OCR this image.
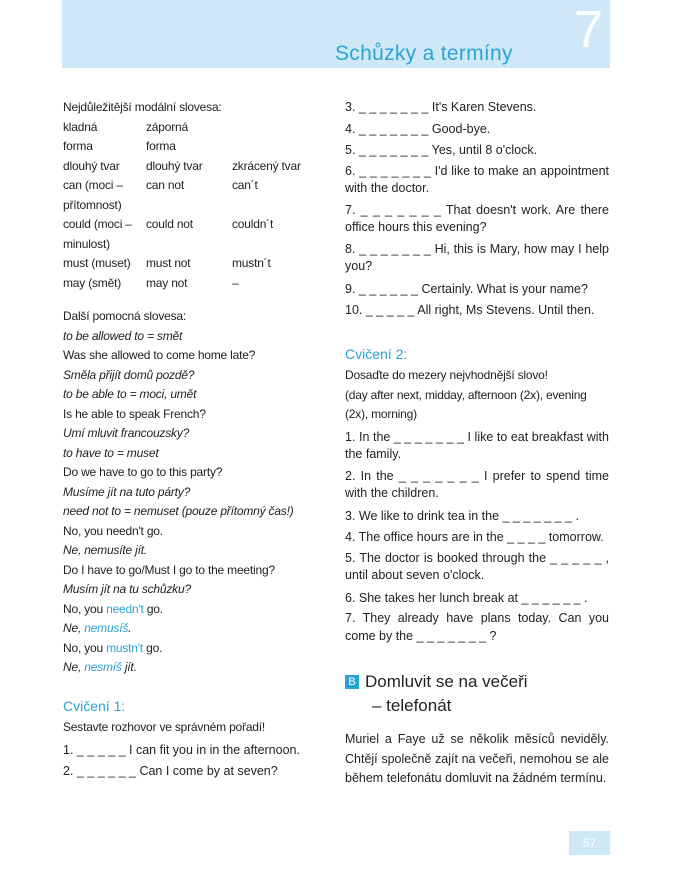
Schůzky a termíny 7
Nejdůležitější modální slovesa:
kladná	záporná
forma	forma
dlouhý tvar	dlouhý tvar	zkrácený tvar
can (moci –	can not	can´t
přítomnost)
could (moci –	could not	couldn´t
minulost)
must (muset)	must not	mustn´t
may (smět)	may not	–
Další pomocná slovesa:
to be allowed to = smět
Was she allowed to come home late?
Směla přijít domů pozdě?
to be able to = moci, umět
Is he able to speak French?
Umí mluvit francouzsky?
to have to = muset
Do we have to go to this party?
Musíme jít na tuto párty?
need not to = nemuset (pouze přítomný čas!)
No, you needn't go.
Ne, nemusíte jít.
Do I have to go/Must I go to the meeting?
Musím jít na tu schůzku?
No, you needn't go.
Ne, nemusíš.
No, you mustn't go.
Ne, nesmíš jít.
Cvičení 1:
Sestavte rozhovor ve správném pořadí!
1. _ _ _ _ _ I can fit you in in the afternoon.
2. _ _ _ _ _ _ Can I come by at seven?
3. _ _ _ _ _ _ _ It's Karen Stevens.
4. _ _ _ _ _ _ _ Good-bye.
5. _ _ _ _ _ _ _ Yes, until 8 o'clock.
6. _ _ _ _ _ _ _ I'd like to make an appointment with the doctor.
7. _ _ _ _ _ _ _ That doesn't work. Are there office hours this evening?
8. _ _ _ _ _ _ _ Hi, this is Mary, how may I help you?
9. _ _ _ _ _ _ Certainly. What is your name?
10. _ _ _ _ _ All right, Ms Stevens. Until then.
Cvičení 2:
Dosaďte do mezery nejvhodnější slovo!
(day after next, midday, afternoon (2x), evening (2x), morning)
1. In the _ _ _ _ _ _ _ I like to eat breakfast with the family.
2. In the _ _ _ _ _ _ _ I prefer to spend time with the children.
3. We like to drink tea in the _ _ _ _ _ _ _ .
4. The office hours are in the _ _ _ _ tomorrow.
5. The doctor is booked through the _ _ _ _ _ , until about seven o'clock.
6. She takes her lunch break at _ _ _ _ _ _ .
7. They already have plans today. Can you come by the _ _ _ _ _ _ _ ?
B Domluvit se na večeři
– telefonát
Muriel a Faye už se několik měsíců neviděly. Chtějí společně zajít na večeři, nemohou se ale během telefonátu domluvit na žádném termínu.
57
